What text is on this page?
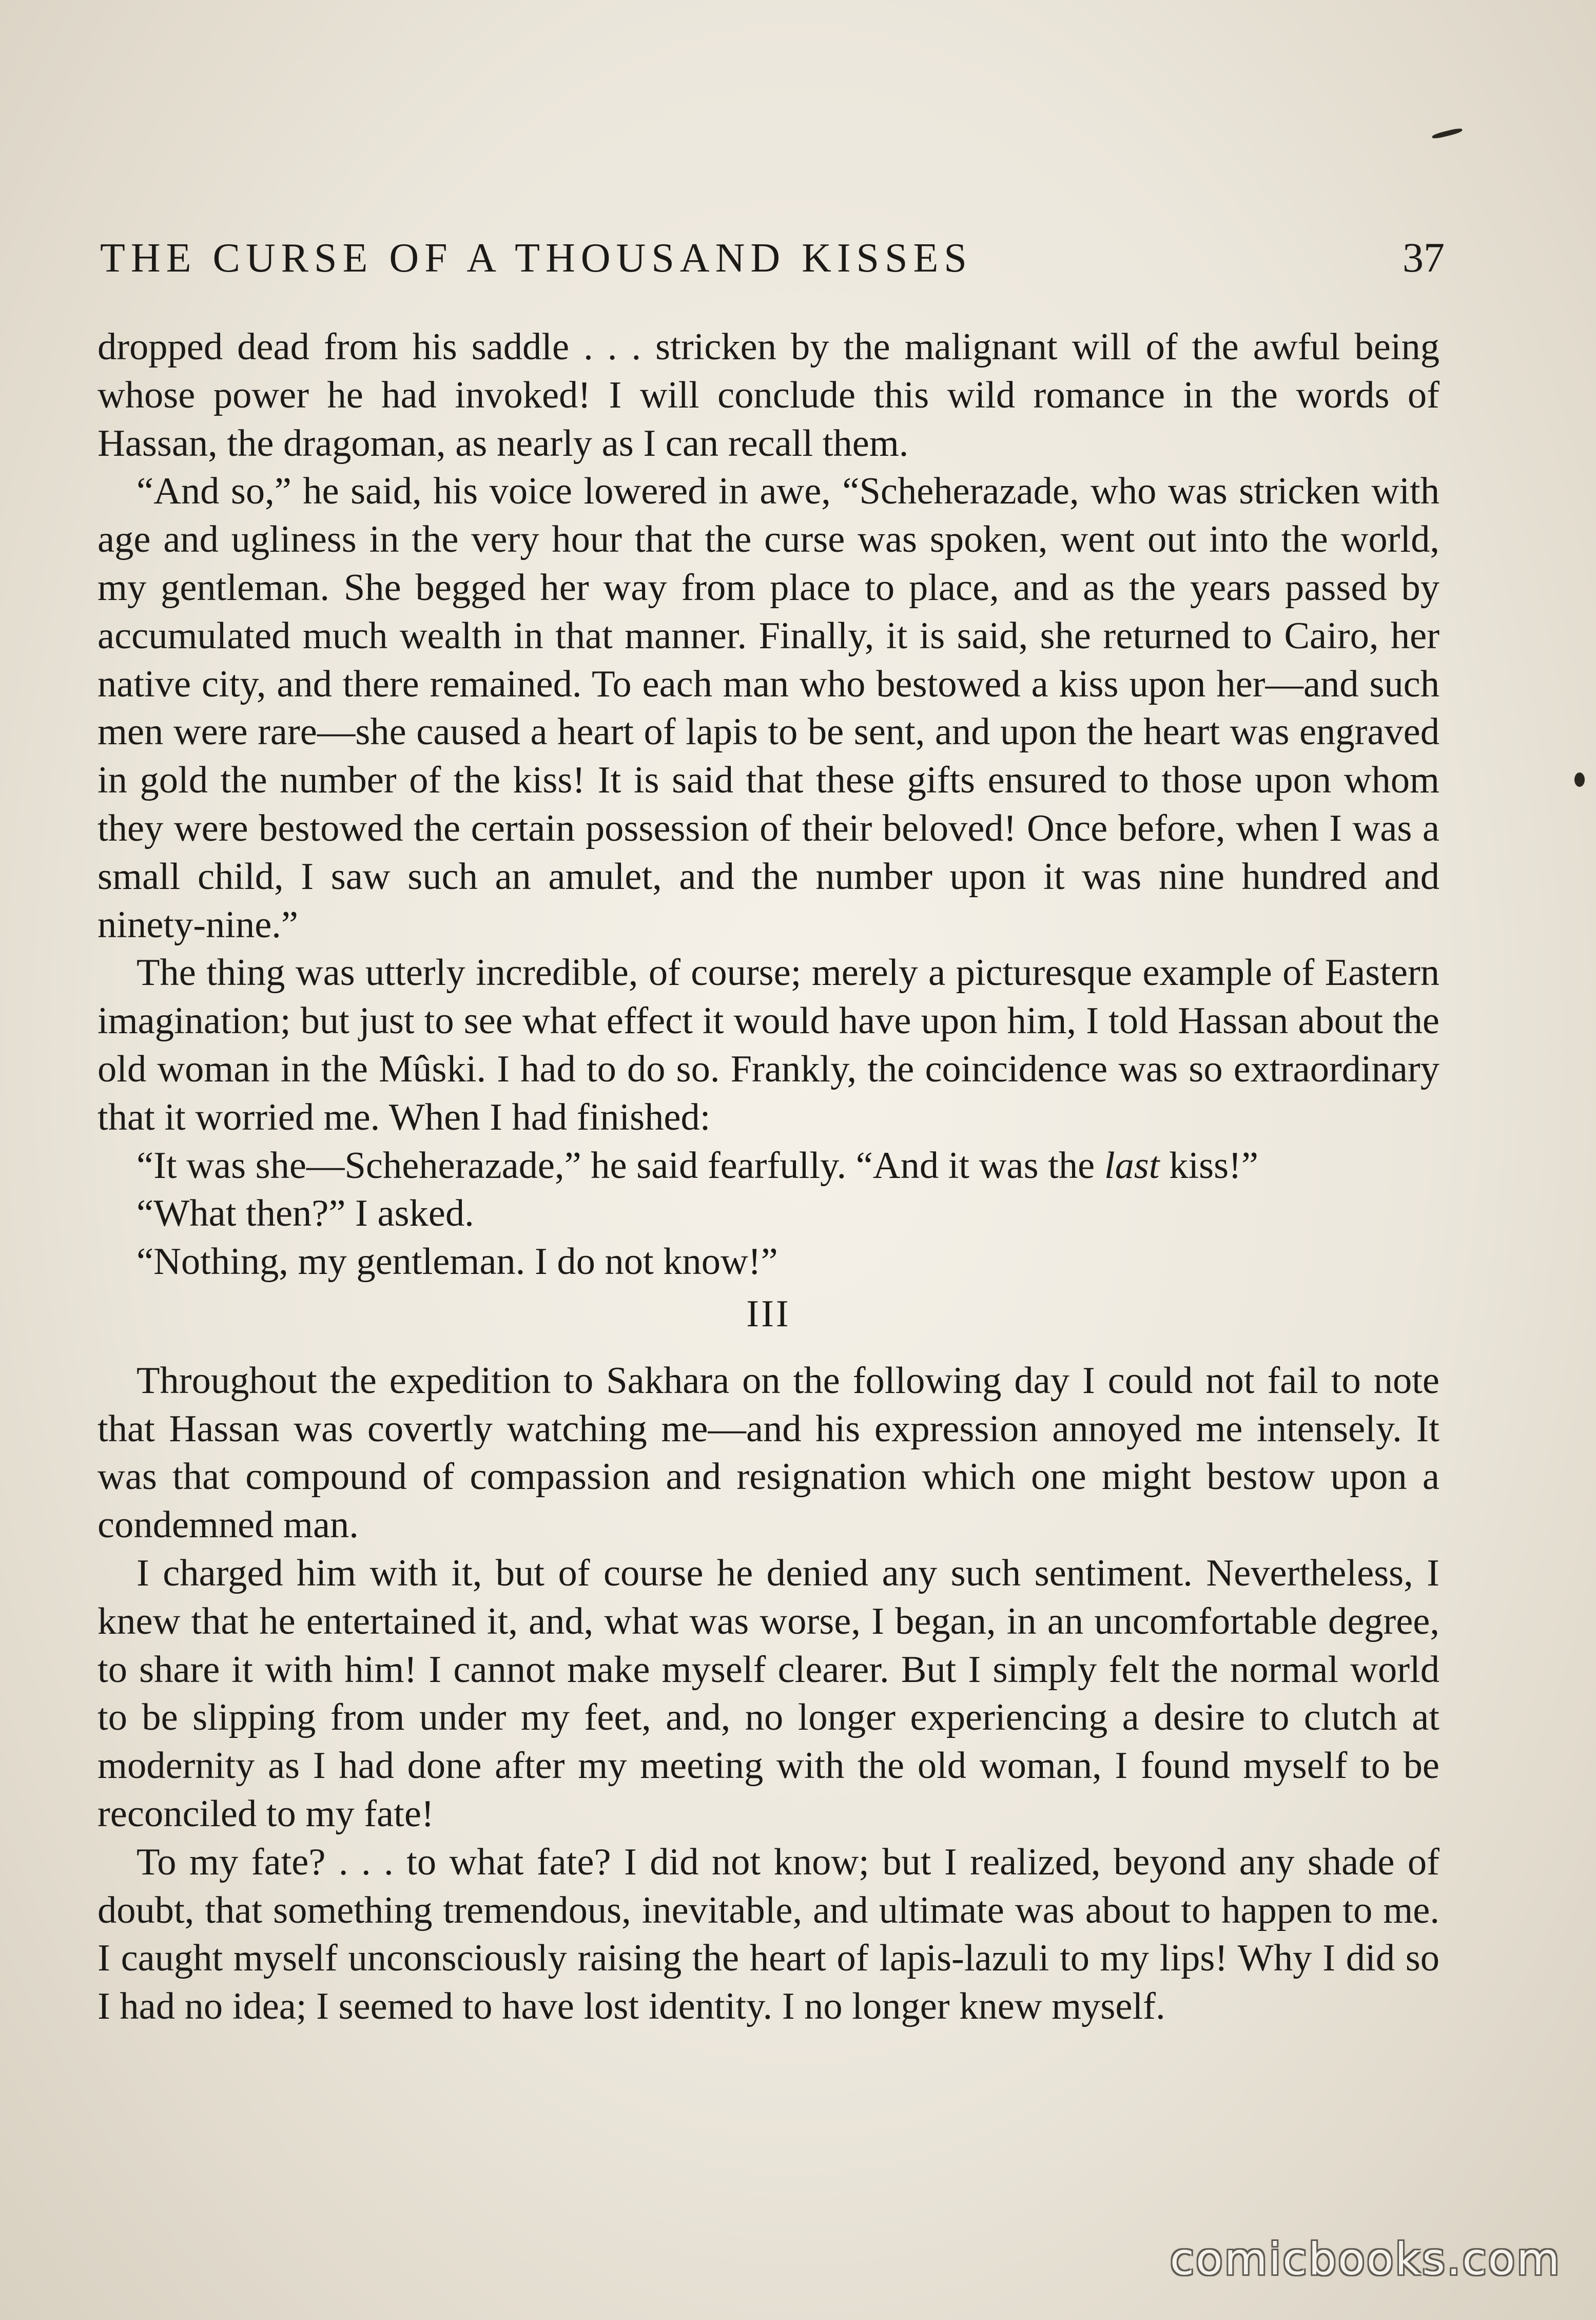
THE CURSE OF A THOUSAND KISSES	37

dropped dead from his saddle . . . stricken by the malignant will of the awful being whose power he had invoked! I will conclude this wild romance in the words of Hassan, the dragoman, as nearly as I can recall them.

“And so,” he said, his voice lowered in awe, “Scheherazade, who was stricken with age and ugliness in the very hour that the curse was spoken, went out into the world, my gentleman. She begged her way from place to place, and as the years passed by accumulated much wealth in that manner. Finally, it is said, she returned to Cairo, her native city, and there remained. To each man who bestowed a kiss upon her—and such men were rare—she caused a heart of lapis to be sent, and upon the heart was engraved in gold the number of the kiss! It is said that these gifts ensured to those upon whom they were bestowed the certain possession of their beloved! Once before, when I was a small child, I saw such an amulet, and the number upon it was nine hundred and ninety-nine.”

The thing was utterly incredible, of course; merely a picturesque example of Eastern imagination; but just to see what effect it would have upon him, I told Hassan about the old woman in the Mûski. I had to do so. Frankly, the coincidence was so extraordinary that it worried me. When I had finished:

“It was she—Scheherazade,” he said fearfully. “And it was the last kiss!”

“What then?” I asked.

“Nothing, my gentleman. I do not know!”

III

Throughout the expedition to Sakhara on the following day I could not fail to note that Hassan was covertly watching me—and his expression annoyed me intensely. It was that compound of compassion and resignation which one might bestow upon a condemned man.

I charged him with it, but of course he denied any such sentiment. Nevertheless, I knew that he entertained it, and, what was worse, I began, in an uncomfortable degree, to share it with him! I cannot make myself clearer. But I simply felt the normal world to be slipping from under my feet, and, no longer experiencing a desire to clutch at modernity as I had done after my meeting with the old woman, I found myself to be reconciled to my fate!

To my fate? . . . to what fate? I did not know; but I realized, beyond any shade of doubt, that something tremendous, inevitable, and ultimate was about to happen to me. I caught myself unconsciously raising the heart of lapis-lazuli to my lips! Why I did so I had no idea; I seemed to have lost identity. I no longer knew myself.

comicbooks.com
